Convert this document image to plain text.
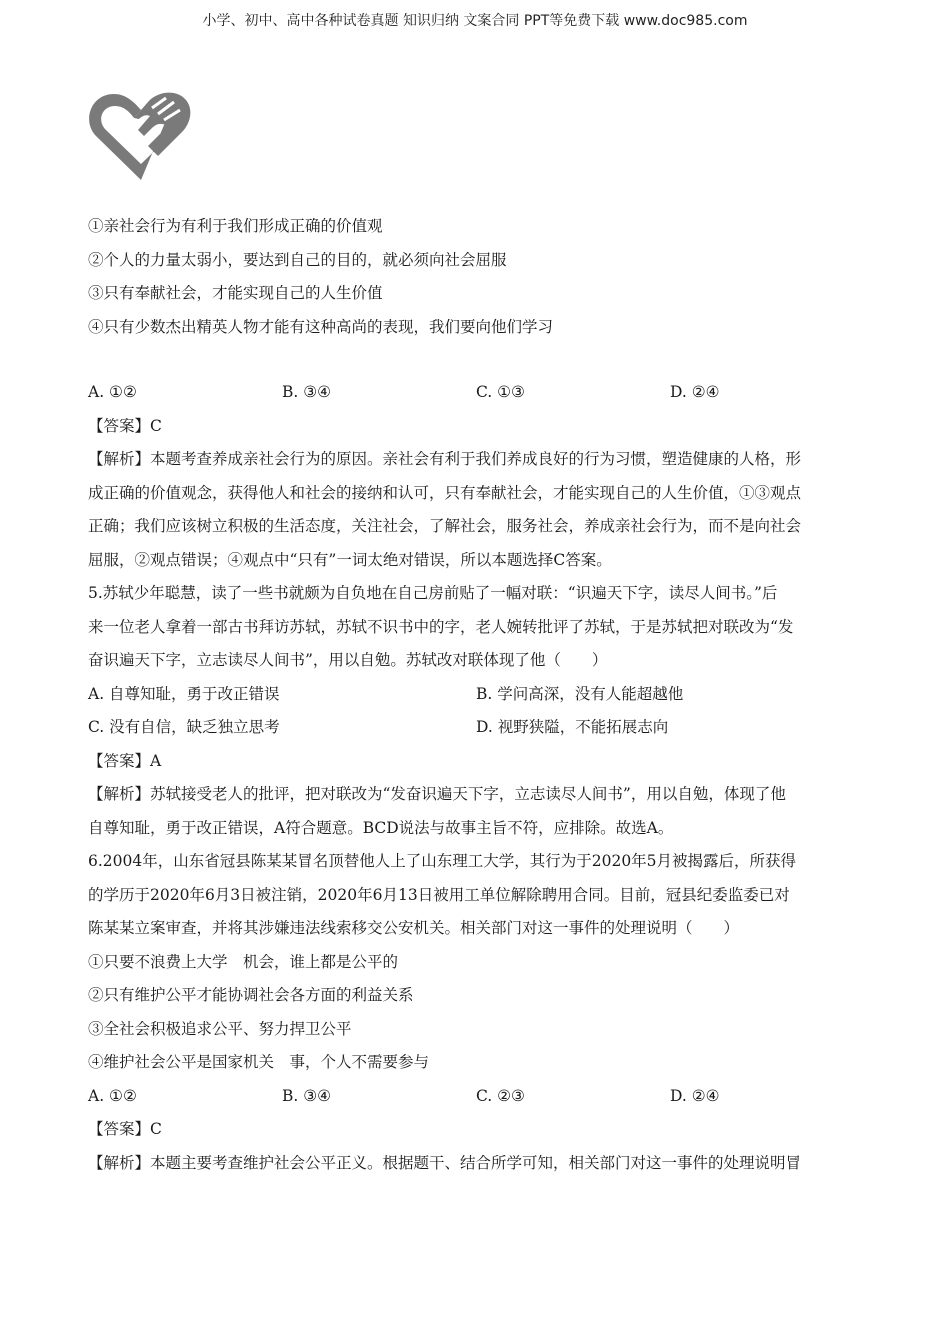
小学、初中、高中各种试卷真题 知识归纳 文案合同 PPT等免费下载 www.doc985.com
①亲社会行为有利于我们形成正确的价值观
②个人的力量太弱小，要达到自己的目的，就必须向社会屈服
③只有奉献社会，才能实现自己的人生价值
④只有少数杰出精英人物才能有这种高尚的表现，我们要向他们学习
A. ①②	B. ③④	C. ①③	D. ②④
【答案】C
【解析】本题考查养成亲社会行为的原因。亲社会有利于我们养成良好的行为习惯，塑造健康的人格，形
成正确的价值观念，获得他人和社会的接纳和认可，只有奉献社会，才能实现自己的人生价值，①③观点
正确；我们应该树立积极的生活态度，关注社会，了解社会，服务社会，养成亲社会行为，而不是向社会
屈服，②观点错误；④观点中“只有”一词太绝对错误，所以本题选择C答案。
5.苏轼少年聪慧，读了一些书就颇为自负地在自己房前贴了一幅对联：“识遍天下字，读尽人间书。”后
来一位老人拿着一部古书拜访苏轼，苏轼不识书中的字，老人婉转批评了苏轼，于是苏轼把对联改为“发
奋识遍天下字，立志读尽人间书”，用以自勉。苏轼改对联体现了他（　　）
A. 自尊知耻，勇于改正错误	B. 学问高深，没有人能超越他
C. 没有自信，缺乏独立思考	D. 视野狭隘，不能拓展志向
【答案】A
【解析】苏轼接受老人的批评，把对联改为“发奋识遍天下字，立志读尽人间书”，用以自勉，体现了他
自尊知耻，勇于改正错误，A符合题意。BCD说法与故事主旨不符，应排除。故选A。
6.2004年，山东省冠县陈某某冒名顶替他人上了山东理工大学，其行为于2020年5月被揭露后，所获得
的学历于2020年6月3日被注销，2020年6月13日被用工单位解除聘用合同。目前，冠县纪委监委已对
陈某某立案审查，并将其涉嫌违法线索移交公安机关。相关部门对这一事件的处理说明（　　）
①只要不浪费上大学　机会，谁上都是公平的
②只有维护公平才能协调社会各方面的利益关系
③全社会积极追求公平、努力捍卫公平
④维护社会公平是国家机关　事，个人不需要参与
A. ①②	B. ③④	C. ②③	D. ②④
【答案】C
【解析】本题主要考查维护社会公平正义。根据题干、结合所学可知，相关部门对这一事件的处理说明冒
